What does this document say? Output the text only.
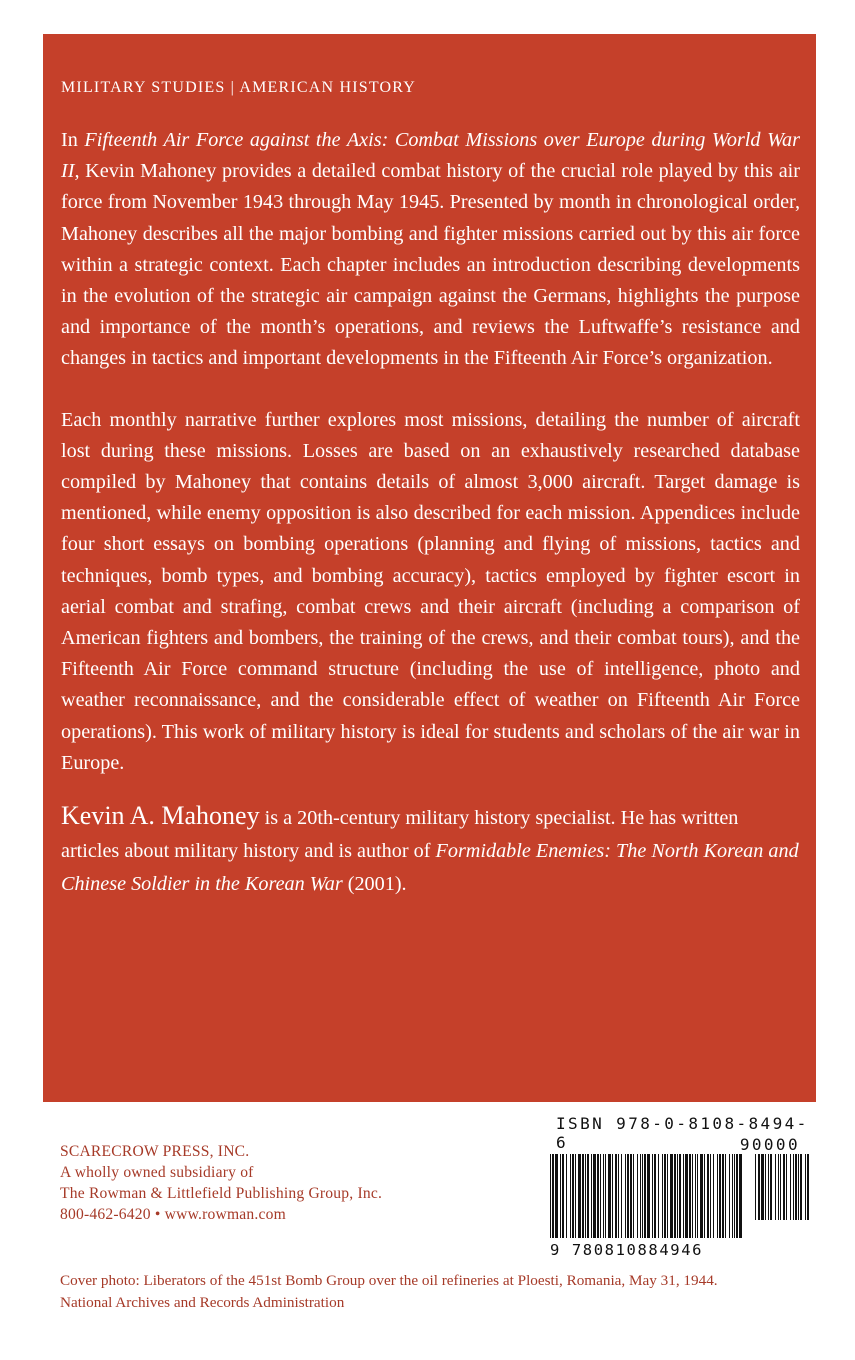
MILITARY STUDIES | AMERICAN HISTORY

In Fifteenth Air Force against the Axis: Combat Missions over Europe during World War II, Kevin Mahoney provides a detailed combat history of the crucial role played by this air force from November 1943 through May 1945. Presented by month in chronological order, Mahoney describes all the major bombing and fighter missions carried out by this air force within a strategic context. Each chapter includes an introduction describing developments in the evolution of the strategic air campaign against the Germans, highlights the purpose and importance of the month’s operations, and reviews the Luftwaffe’s resistance and changes in tactics and important developments in the Fifteenth Air Force’s organization.

Each monthly narrative further explores most missions, detailing the number of aircraft lost during these missions. Losses are based on an exhaustively researched database compiled by Mahoney that contains details of almost 3,000 aircraft. Target damage is mentioned, while enemy opposition is also described for each mission. Appendices include four short essays on bombing operations (planning and flying of missions, tactics and techniques, bomb types, and bombing accuracy), tactics employed by fighter escort in aerial combat and strafing, combat crews and their aircraft (including a comparison of American fighters and bombers, the training of the crews, and their combat tours), and the Fifteenth Air Force command structure (including the use of intelligence, photo and weather reconnaissance, and the considerable effect of weather on Fifteenth Air Force operations). This work of military history is ideal for students and scholars of the air war in Europe.

Kevin A. Mahoney is a 20th-century military history specialist. He has written articles about military history and is author of Formidable Enemies: The North Korean and Chinese Soldier in the Korean War (2001).
SCARECROW PRESS, INC.
A wholly owned subsidiary of
The Rowman & Littlefield Publishing Group, Inc.
800-462-6420 • www.rowman.com
ISBN 978-0-8108-8494-6	90000
9 780810884946
Cover photo: Liberators of the 451st Bomb Group over the oil refineries at Ploesti, Romania, May 31, 1944.
National Archives and Records Administration
